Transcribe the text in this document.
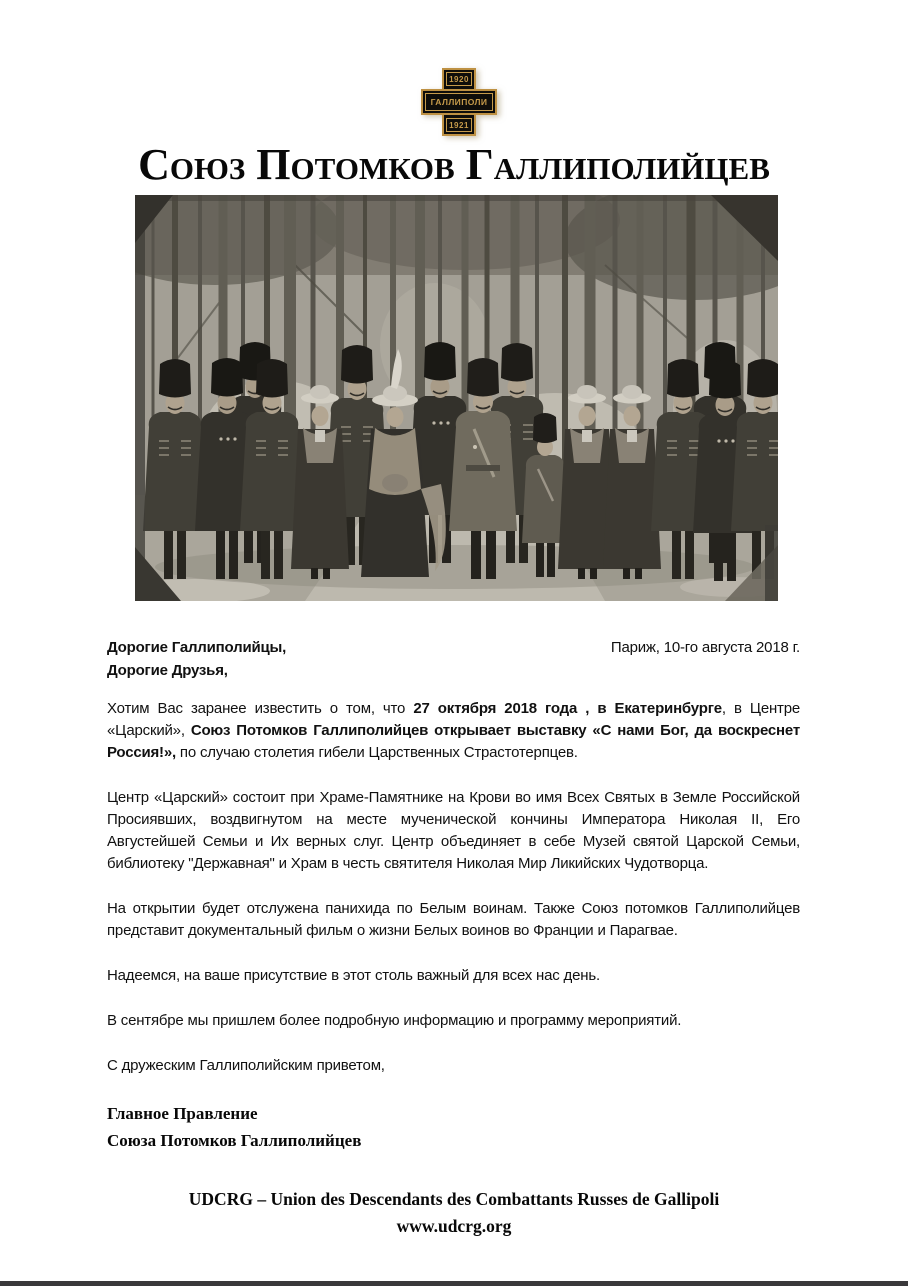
1920
ГАЛЛИПОЛИ
1921
Союз Потомков Галлиполийцев
Дорогие Галлиполийцы,	Париж, 10-го августа 2018 г.
Дорогие Друзья,

Хотим Вас заранее известить о том, что 27 октября 2018 года , в Екатеринбурге, в Центре «Царский», Союз Потомков Галлиполийцев открывает выставку «С нами Бог, да воскреснет Россия!», по случаю столетия гибели Царственных Страстотерпцев.

Центр «Царский» состоит при Храме-Памятнике на Крови во имя Всех Святых в Земле Российской Просиявших, воздвигнутом на месте мученической кончины Императора Николая II, Его Августейшей Семьи и Их верных слуг. Центр объединяет в себе Музей святой Царской Семьи, библиотеку "Державная" и Храм в честь святителя Николая Мир Ликийских Чудотворца.

На открытии будет отслужена панихида по Белым воинам. Также Союз потомков Галлиполийцев представит документальный фильм о жизни Белых воинов во Франции и Парагвае.

Надеемся, на ваше присутствие в этот столь важный для всех нас день.

В сентябре мы пришлем более подробную информацию и программу мероприятий.

С дружеским Галлиполийским приветом,

Главное Правление
Союза Потомков Галлиполийцев
UDCRG – Union des Descendants des Combattants Russes de Gallipoli
www.udcrg.org
